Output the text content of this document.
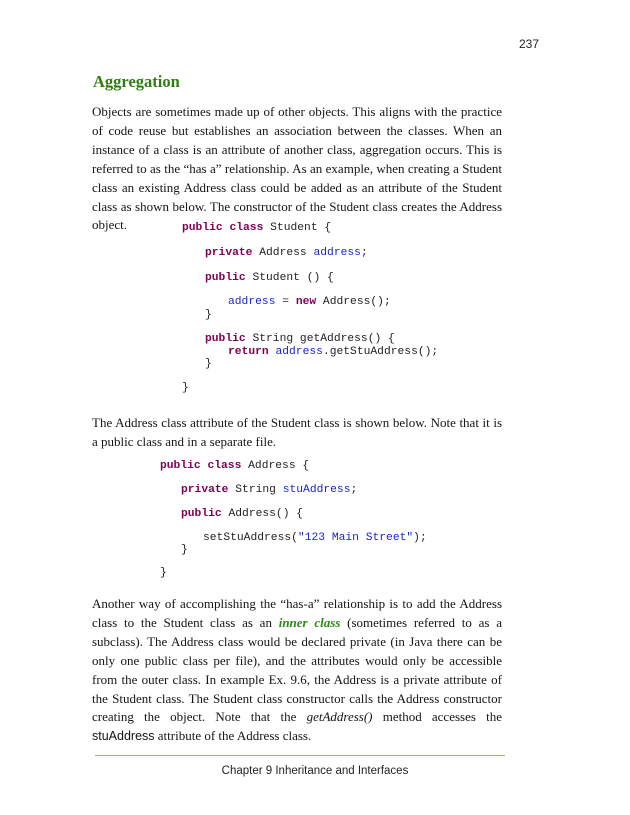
237
Aggregation
Objects are sometimes made up of other objects. This aligns with the practice of code reuse but establishes an association between the classes. When an instance of a class is an attribute of another class, aggregation occurs. This is referred to as the “has a” relationship. As an example, when creating a Student class an existing Address class could be added as an attribute of the Student class as shown below. The constructor of the Student class creates the Address object.	public class Student {
private Address address;
public Student () {
address = new Address();
}
public String getAddress() {
return address.getStuAddress();
}
}
The Address class attribute of the Student class is shown below. Note that it is a public class and in a separate file.
public class Address {
private String stuAddress;
public Address() {
setStuAddress("123 Main Street");
}
}
Another way of accomplishing the “has-a” relationship is to add the Address class to the Student class as an inner class (sometimes referred to as a subclass). The Address class would be declared private (in Java there can be only one public class per file), and the attributes would only be accessible from the outer class. In example Ex. 9.6, the Address is a private attribute of the Student class. The Student class constructor calls the Address constructor creating the object. Note that the getAddress() method accesses the stuAddress attribute of the Address class.
Chapter 9 Inheritance and Interfaces
